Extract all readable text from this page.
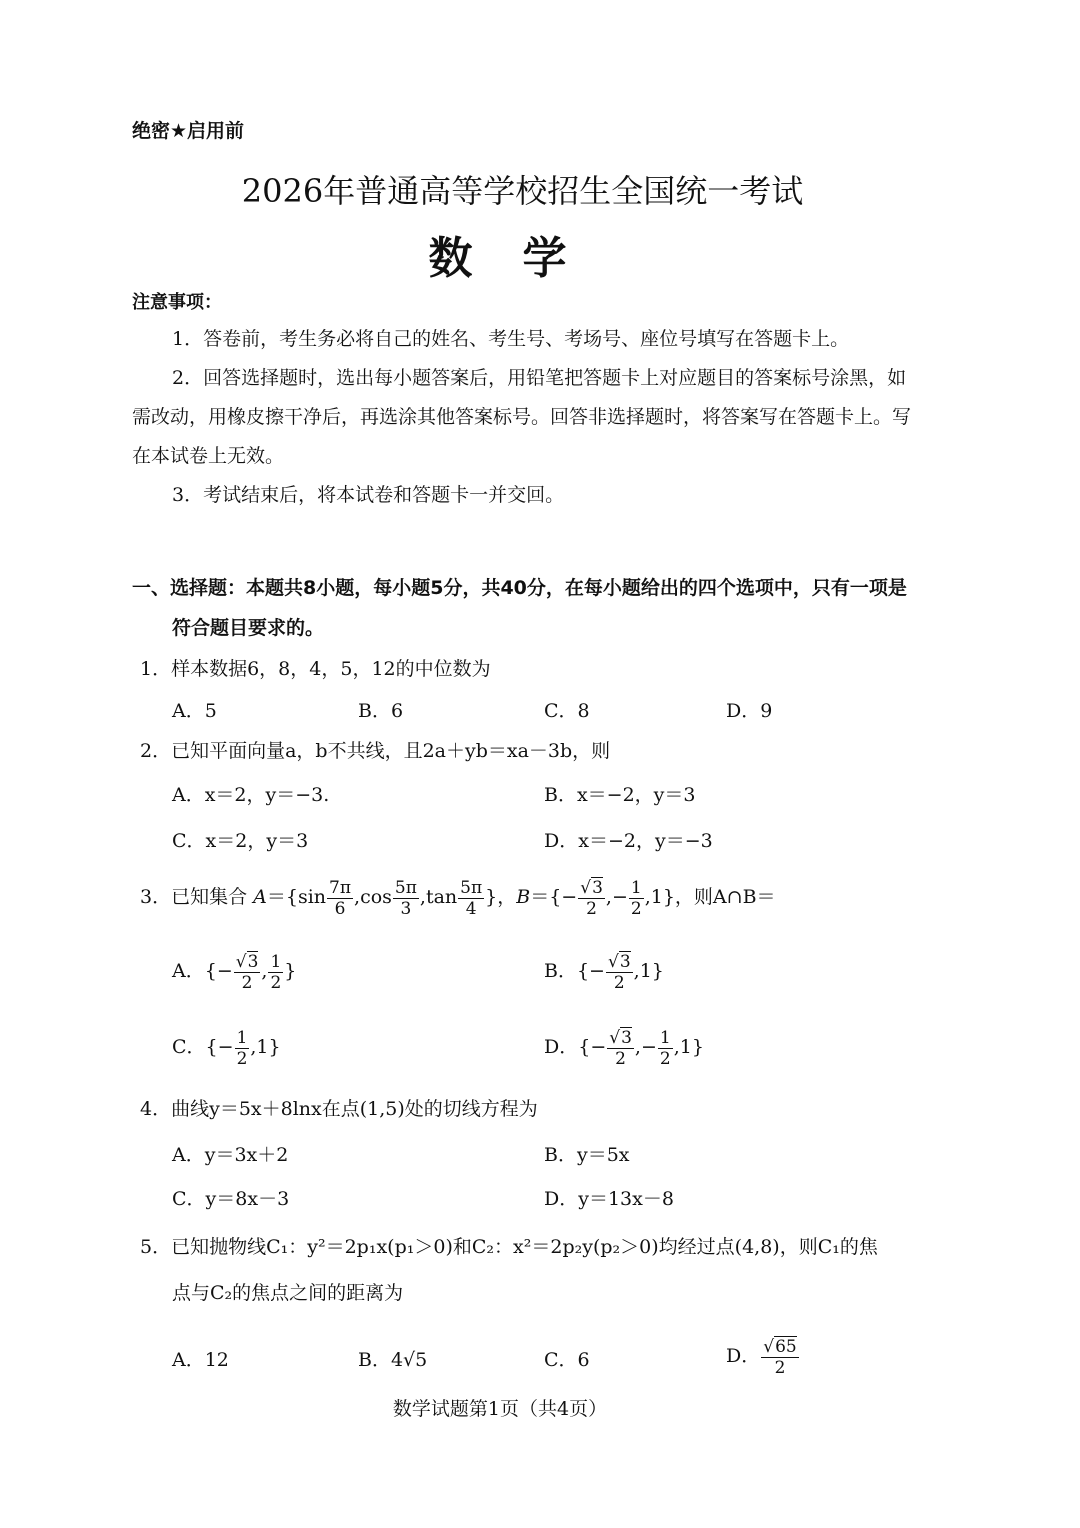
绝密★启用前
2026年普通高等学校招生全国统一考试
数学
注意事项：
1．答卷前，考生务必将自己的姓名、考生号、考场号、座位号填写在答题卡上。
2．回答选择题时，选出每小题答案后，用铅笔把答题卡上对应题目的答案标号涂黑，如需改动，用橡皮擦干净后，再选涂其他答案标号。回答非选择题时，将答案写在答题卡上。写在本试卷上无效。
3．考试结束后，将本试卷和答题卡一并交回。
一、选择题：本题共8小题，每小题5分，共40分，在每小题给出的四个选项中，只有一项是符合题目要求的。
1．样本数据6，8，4，5，12的中位数为
A．5	B．6	C．8	D．9
2．已知平面向量a，b不共线，且2a＋yb＝xa－3b，则
A．x＝2，y＝−3.	B．x＝−2，y＝3
C．x＝2，y＝3	D．x＝−2，y＝−3
3．已知集合 $A=\{\sin \frac{7\pi}{6} ,\cos \frac{5\pi}{3} ,\tan \frac{5\pi}{4}$ }，$B=\{- \frac{√3}{2}$ ,− $\frac{1}{2} ,1$}，则A∩B＝
A．{− $\frac{√3}{2}$ , $\frac{1}{2}$ }	B．{− $\frac{√3}{2} ,1$}
C．{− $\frac{1}{2} ,1$}	D．{− $\frac{√3}{2}$ ,− $\frac{1}{2} ,1$}
4．曲线y＝5x＋8lnx在点(1,5)处的切线方程为
A．y＝3x＋2	B．y＝5x
C．y＝8x－3	D．y＝13x－8
5．已知抛物线C₁：y²＝2p₁x(p₁＞0)和C₂：x²＝2p₂y(p₂＞0)均经过点(4,8)，则C₁的焦
点与C₂的焦点之间的距离为
A．12	B．4√5	C．6	D． $\frac{√65}{2}$
数学试题第1页（共4页）
